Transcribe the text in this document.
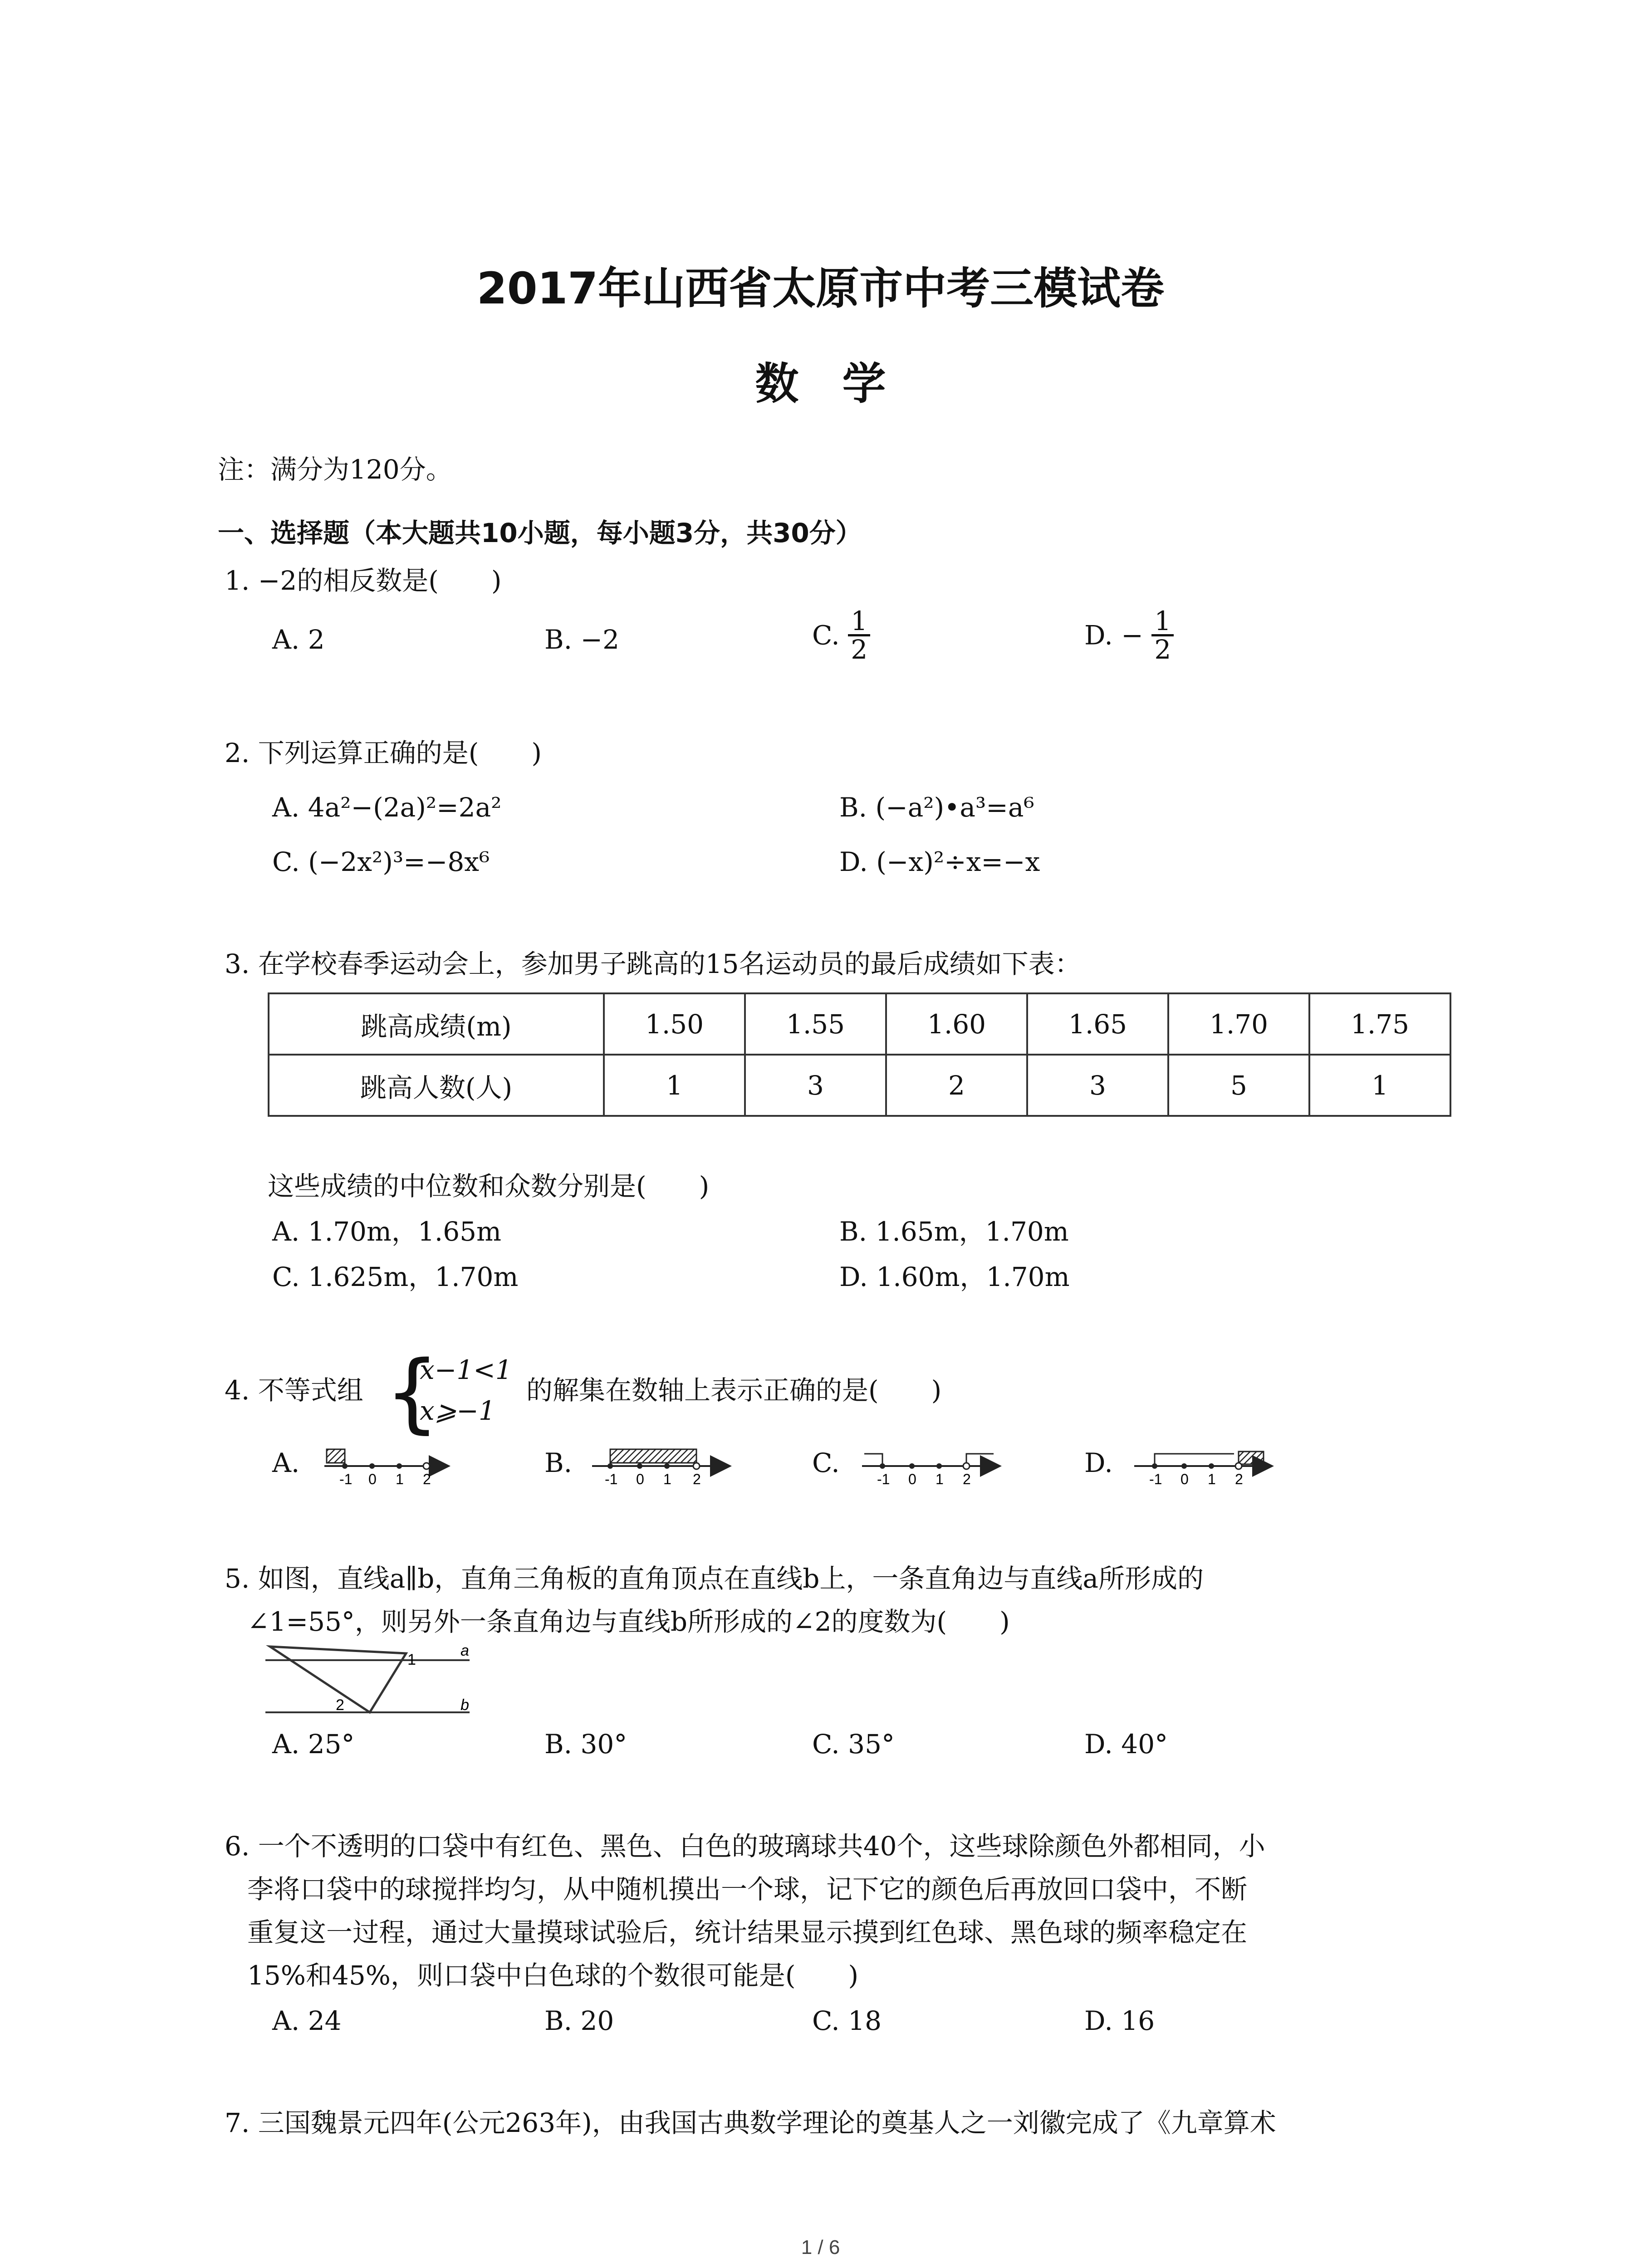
2017年山西省太原市中考三模试卷
数　学
注：满分为120分。
一、选择题（本大题共10小题，每小题3分，共30分）
1. −2的相反数是(　　)
A. 2	B. −2	C. $\frac{1}{2}$	D. − $\frac{1}{2}$
2. 下列运算正确的是(　　)
A. 4a²−(2a)²=2a²	B. (−a²)•a³=a⁶
C. (−2x²)³=−8x⁶	D. (−x)²÷x=−x
3. 在学校春季运动会上，参加男子跳高的15名运动员的最后成绩如下表：
跳高成绩(m)	1.50	1.55	1.60	1.65	1.70	1.75
跳高人数(人)	1	3	2	3	5	1
这些成绩的中位数和众数分别是(　　)
A. 1.70m，1.65m	B. 1.65m，1.70m
C. 1.625m，1.70m	D. 1.60m，1.70m
4. 不等式组 {
x−1<1
x⩾−1
的解集在数轴上表示正确的是(　　)
A.	B.	C.	D.
-1 0 1 2	-1 0 1 2	-1 0 1 2	-1 0 1 2
1
2
a
b
5. 如图，直线a∥b，直角三角板的直角顶点在直线b上，一条直角边与直线a所形成的
∠1=55°，则另外一条直角边与直线b所形成的∠2的度数为(　　)
A. 25°	B. 30°	C. 35°	D. 40°
6. 一个不透明的口袋中有红色、黑色、白色的玻璃球共40个，这些球除颜色外都相同，小
李将口袋中的球搅拌均匀，从中随机摸出一个球，记下它的颜色后再放回口袋中，不断
重复这一过程，通过大量摸球试验后，统计结果显示摸到红色球、黑色球的频率稳定在
15%和45%，则口袋中白色球的个数很可能是(　　)
A. 24	B. 20	C. 18	D. 16
7. 三国魏景元四年(公元263年)，由我国古典数学理论的奠基人之一刘徽完成了《九章算术
1 / 6
